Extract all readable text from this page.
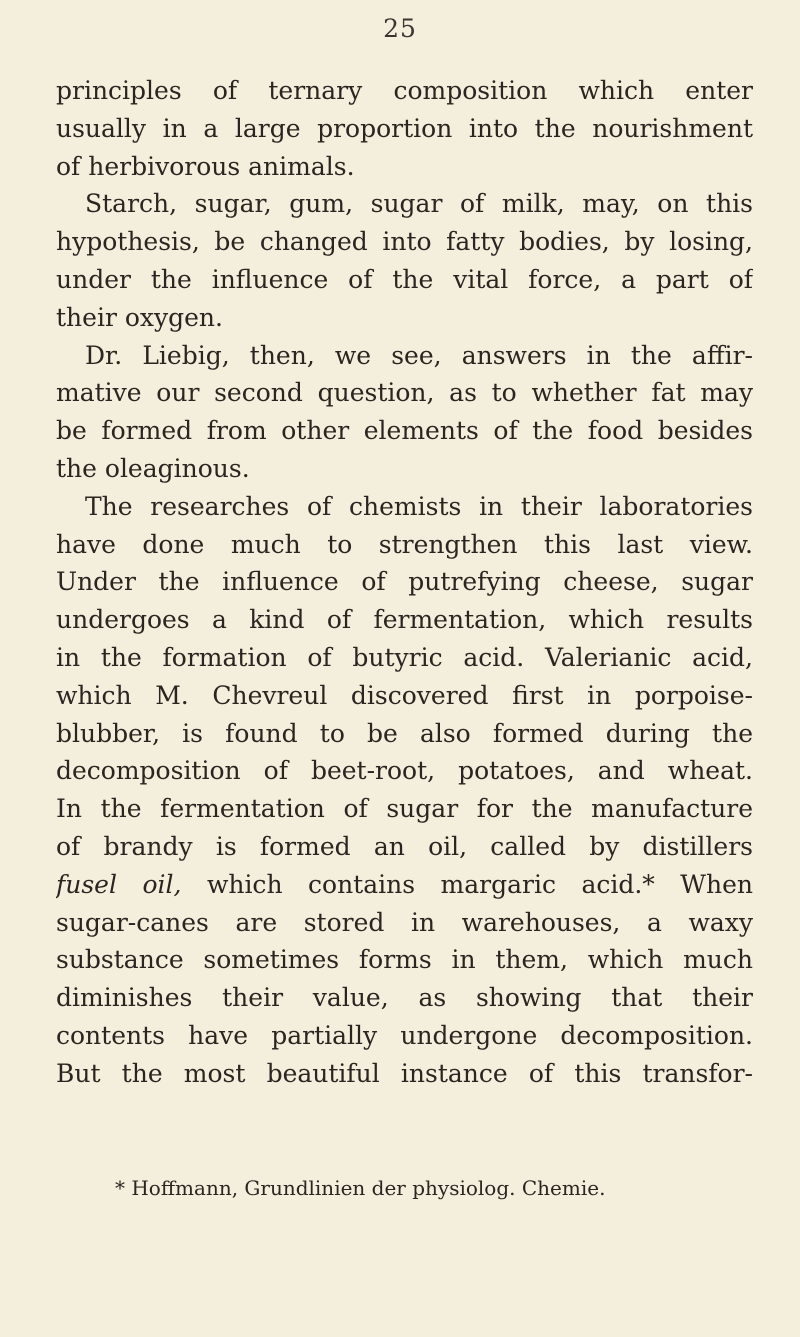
25
principles of ternary composition which enter
usually in a large proportion into the nourishment
of herbivorous animals.
Starch, sugar, gum, sugar of milk, may, on this
hypothesis, be changed into fatty bodies, by losing,
under the influence of the vital force, a part of
their oxygen.
Dr. Liebig, then, we see, answers in the affir-
mative our second question, as to whether fat may
be formed from other elements of the food besides
the oleaginous.
The researches of chemists in their laboratories
have done much to strengthen this last view.
Under the influence of putrefying cheese, sugar
undergoes a kind of fermentation, which results
in the formation of butyric acid. Valerianic acid,
which M. Chevreul discovered first in porpoise-
blubber, is found to be also formed during the
decomposition of beet-root, potatoes, and wheat.
In the fermentation of sugar for the manufacture
of brandy is formed an oil, called by distillers
fusel oil, which contains margaric acid.* When
sugar-canes are stored in warehouses, a waxy
substance sometimes forms in them, which much
diminishes their value, as showing that their
contents have partially undergone decomposition.
But the most beautiful instance of this transfor-
* Hoffmann, Grundlinien der physiolog. Chemie.
